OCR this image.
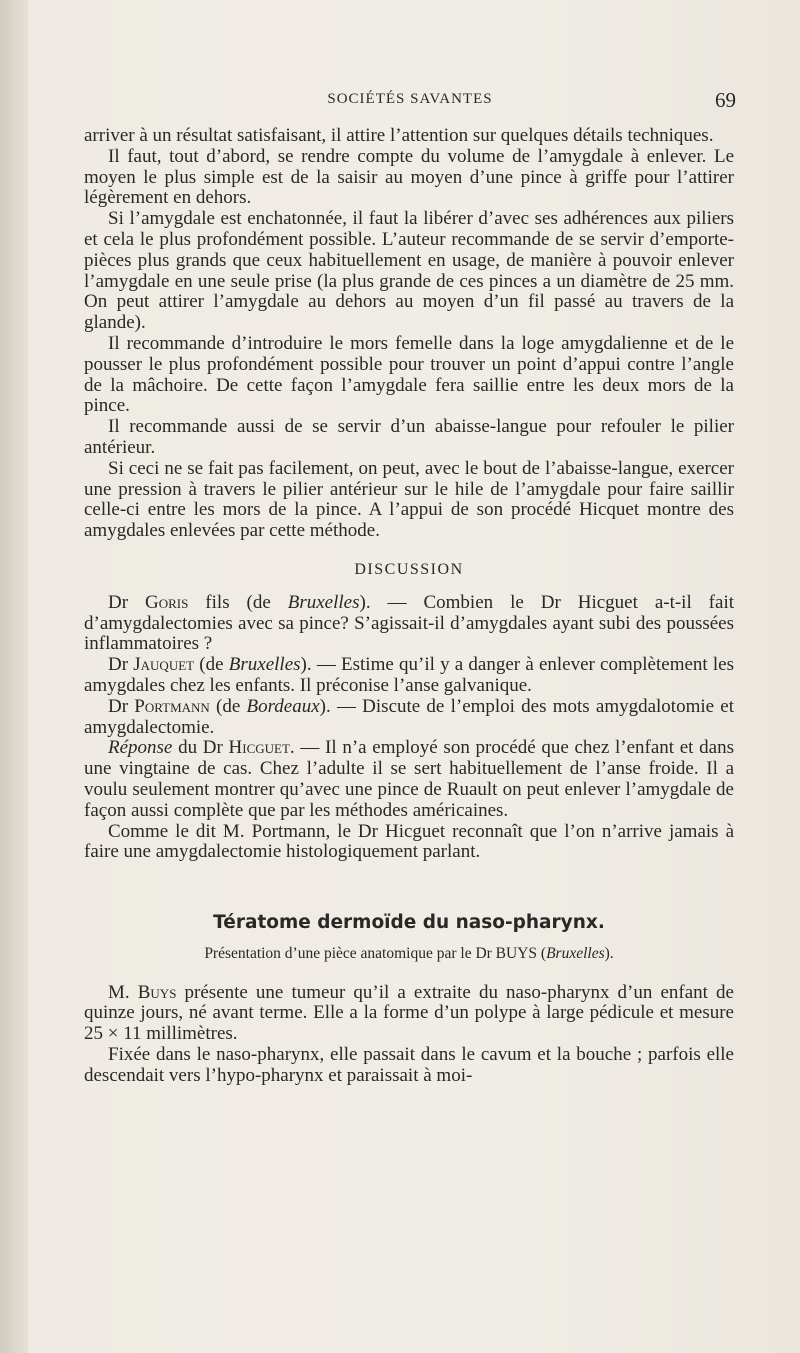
SOCIÉTÉS SAVANTES	69

arriver à un résultat satisfaisant, il attire l’attention sur quelques détails techniques.

Il faut, tout d’abord, se rendre compte du volume de l’amygdale à enlever. Le moyen le plus simple est de la saisir au moyen d’une pince à griffe pour l’attirer légèrement en dehors.

Si l’amygdale est enchatonnée, il faut la libérer d’avec ses adhérences aux piliers et cela le plus profondément possible. L’auteur recommande de se servir d’emporte-pièces plus grands que ceux habituellement en usage, de manière à pouvoir enlever l’amygdale en une seule prise (la plus grande de ces pinces a un diamètre de 25 mm. On peut attirer l’amygdale au dehors au moyen d’un fil passé au travers de la glande).

Il recommande d’introduire le mors femelle dans la loge amygdalienne et de le pousser le plus profondément possible pour trouver un point d’appui contre l’angle de la mâchoire. De cette façon l’amygdale fera saillie entre les deux mors de la pince.

Il recommande aussi de se servir d’un abaisse-langue pour refouler le pilier antérieur.

Si ceci ne se fait pas facilement, on peut, avec le bout de l’abaisse-langue, exercer une pression à travers le pilier antérieur sur le hile de l’amygdale pour faire saillir celle-ci entre les mors de la pince. A l’appui de son procédé Hicquet montre des amygdales enlevées par cette méthode.

DISCUSSION

Dr Goris fils (de Bruxelles). — Combien le Dr Hicguet a-t-il fait d’amygdalectomies avec sa pince? S’agissait-il d’amygdales ayant subi des poussées inflammatoires ?

Dr Jauquet (de Bruxelles). — Estime qu’il y a danger à enlever complètement les amygdales chez les enfants. Il préconise l’anse galvanique.

Dr Portmann (de Bordeaux). — Discute de l’emploi des mots amygdalotomie et amygdalectomie.

Réponse du Dr Hicguet. — Il n’a employé son procédé que chez l’enfant et dans une vingtaine de cas. Chez l’adulte il se sert habituellement de l’anse froide. Il a voulu seulement montrer qu’avec une pince de Ruault on peut enlever l’amygdale de façon aussi complète que par les méthodes américaines.

Comme le dit M. Portmann, le Dr Hicguet reconnaît que l’on n’arrive jamais à faire une amygdalectomie histologiquement parlant.

Tératome dermoïde du naso-pharynx.
Présentation d’une pièce anatomique par le Dr BUYS (Bruxelles).

M. Buys présente une tumeur qu’il a extraite du naso-pharynx d’un enfant de quinze jours, né avant terme. Elle a la forme d’un polype à large pédicule et mesure 25 × 11 millimètres.

Fixée dans le naso-pharynx, elle passait dans le cavum et la bouche ; parfois elle descendait vers l’hypo-pharynx et paraissait à moi-
